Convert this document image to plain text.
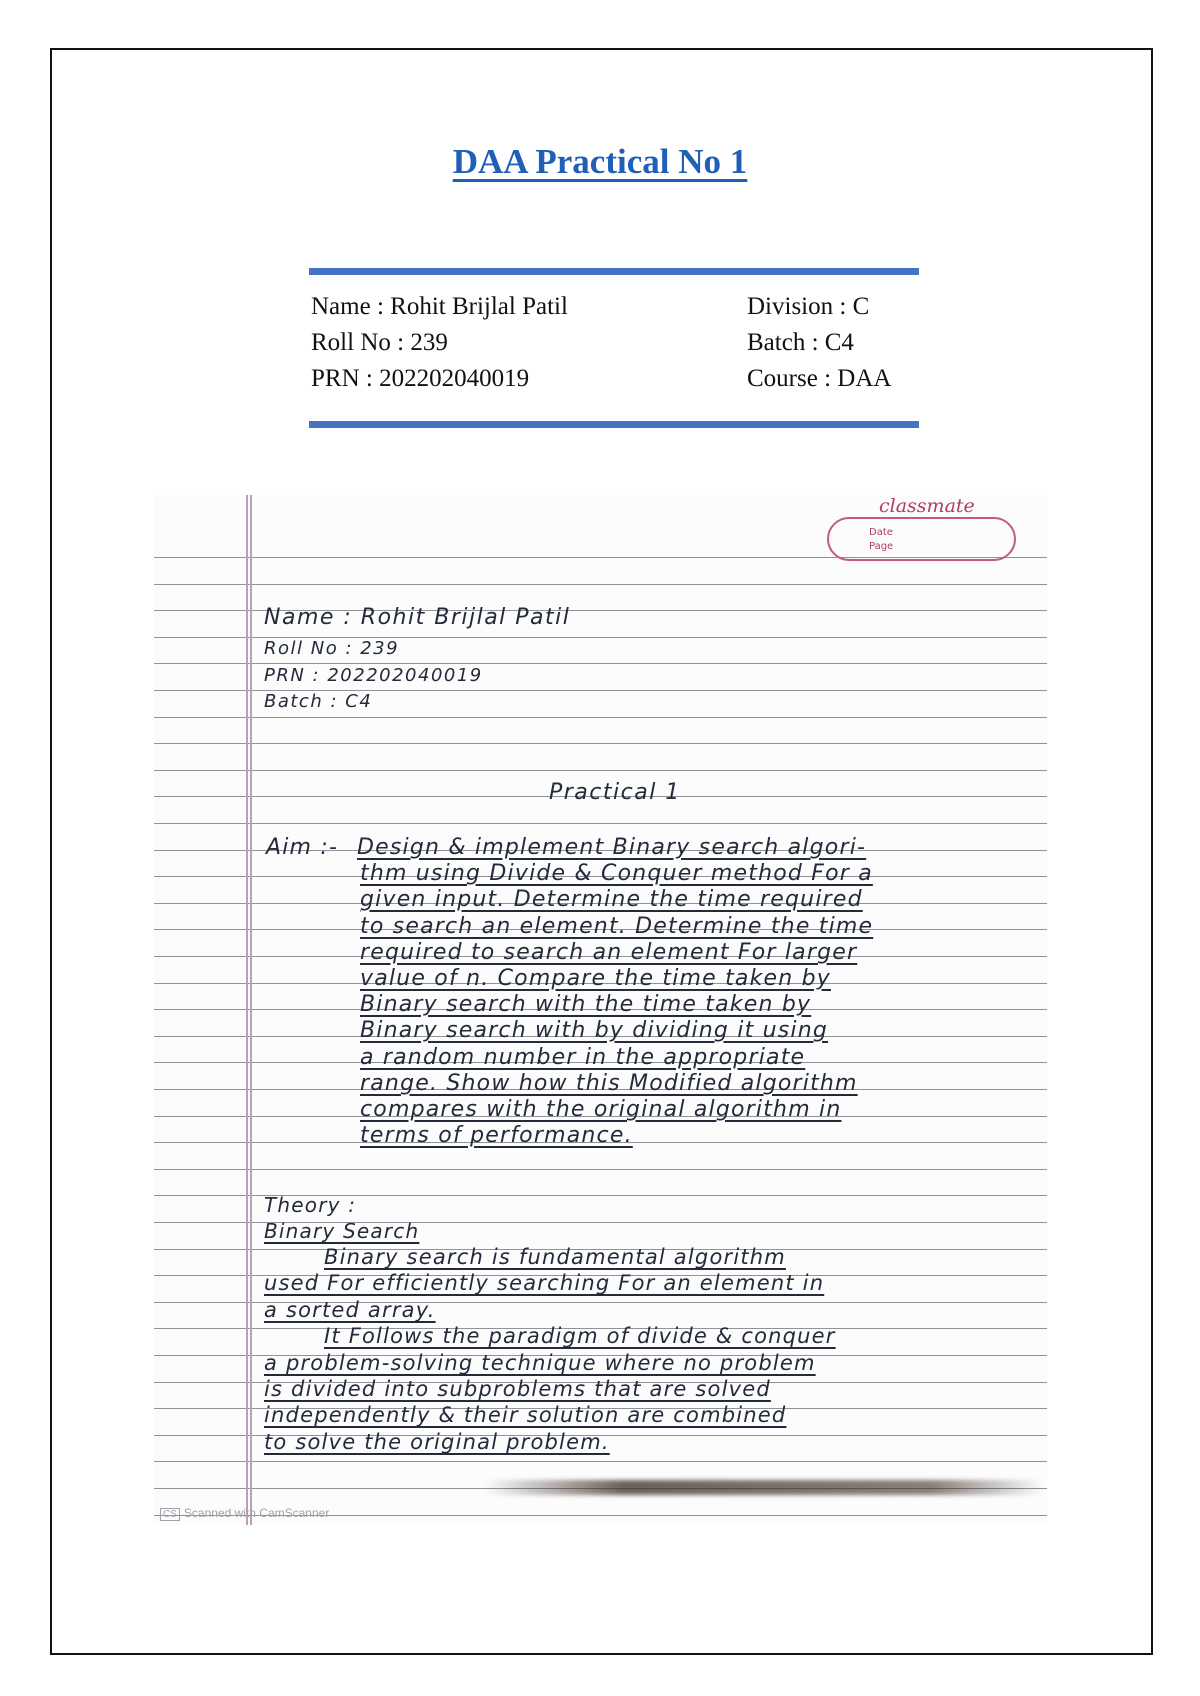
DAA Practical No 1
Name : Rohit Brijlal Patil
Roll No : 239
PRN : 202202040019
Division : C
Batch : C4
Course : DAA
classmate
Date
Page
Name : Rohit Brijlal Patil
Roll No : 239
PRN : 202202040019
Batch : C4
Practical 1
Aim :- Design & implement Binary search algori-
thm using Divide & Conquer method For a
given input. Determine the time required
to search an element. Determine the time
required to search an element For larger
value of n. Compare the time taken by
Binary search with the time taken by
Binary search with by dividing it using
a random number in the appropriate
range. Show how this Modified algorithm
compares with the original algorithm in
terms of performance.
Theory :
Binary Search
Binary search is fundamental algorithm
used For efficiently searching For an element in
a sorted array.
It Follows the paradigm of divide & conquer
a problem-solving technique where no problem
is divided into subproblems that are solved
independently & their solution are combined
to solve the original problem.
CS Scanned with CamScanner
